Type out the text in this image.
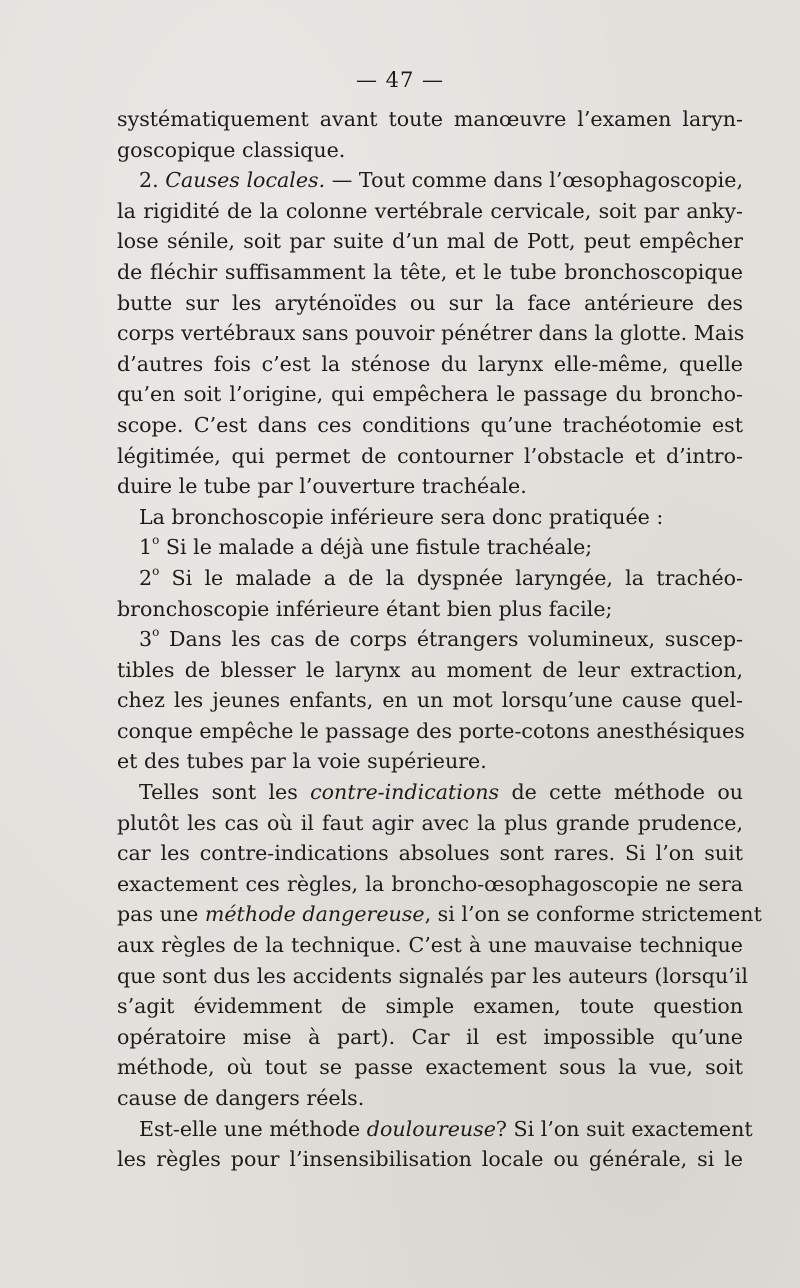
— 47 —
systématiquement avant toute manœuvre l’examen laryn-
goscopique classique.
2. Causes locales. — Tout comme dans l’œsophagoscopie,
la rigidité de la colonne vertébrale cervicale, soit par anky-
lose sénile, soit par suite d’un mal de Pott, peut empêcher
de fléchir suffisamment la tête, et le tube bronchoscopique
butte sur les aryténoïdes ou sur la face antérieure des
corps vertébraux sans pouvoir pénétrer dans la glotte. Mais
d’autres fois c’est la sténose du larynx elle-même, quelle
qu’en soit l’origine, qui empêchera le passage du broncho-
scope. C’est dans ces conditions qu’une trachéotomie est
légitimée, qui permet de contourner l’obstacle et d’intro-
duire le tube par l’ouverture trachéale.
La bronchoscopie inférieure sera donc pratiquée :
1$^o$ Si le malade a déjà une fistule trachéale;
2$^o$ Si le malade a de la dyspnée laryngée, la trachéo-
bronchoscopie inférieure étant bien plus facile;
3$^o$ Dans les cas de corps étrangers volumineux, suscep-
tibles de blesser le larynx au moment de leur extraction,
chez les jeunes enfants, en un mot lorsqu’une cause quel-
conque empêche le passage des porte-cotons anesthésiques
et des tubes par la voie supérieure.
Telles sont les contre-indications de cette méthode ou
plutôt les cas où il faut agir avec la plus grande prudence,
car les contre-indications absolues sont rares. Si l’on suit
exactement ces règles, la broncho-œsophagoscopie ne sera
pas une méthode dangereuse, si l’on se conforme strictement
aux règles de la technique. C’est à une mauvaise technique
que sont dus les accidents signalés par les auteurs (lorsqu’il
s’agit évidemment de simple examen, toute question
opératoire mise à part). Car il est impossible qu’une
méthode, où tout se passe exactement sous la vue, soit
cause de dangers réels.
Est-elle une méthode douloureuse? Si l’on suit exactement
les règles pour l’insensibilisation locale ou générale, si le
